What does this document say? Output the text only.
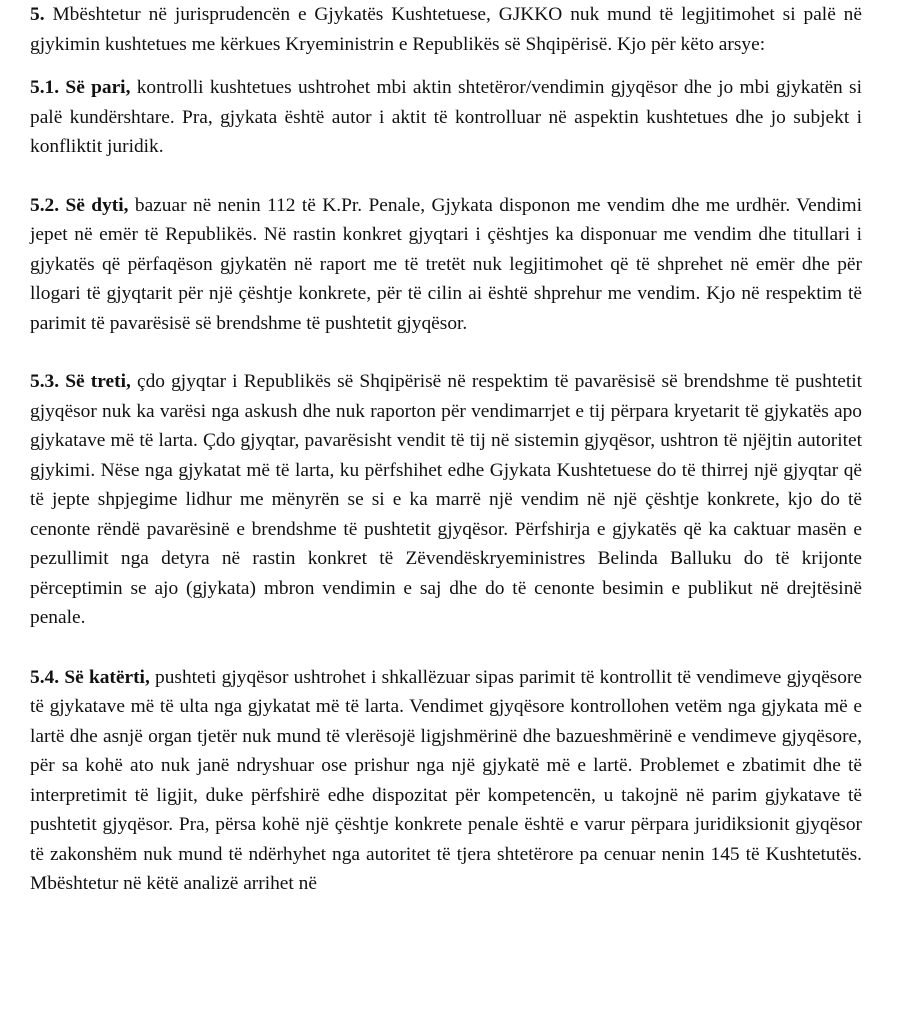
5. Mbështetur në jurisprudencën e Gjykatës Kushtetuese, GJKKO nuk mund të legjitimohet si palë në gjykimin kushtetues me kërkues Kryeministrin e Republikës së Shqipërisë. Kjo për këto arsye:

5.1. Së pari, kontrolli kushtetues ushtrohet mbi aktin shtetëror/vendimin gjyqësor dhe jo mbi gjykatën si palë kundërshtare. Pra, gjykata është autor i aktit të kontrolluar në aspektin kushtetues dhe jo subjekt i konfliktit juridik.

5.2. Së dyti, bazuar në nenin 112 të K.Pr. Penale, Gjykata disponon me vendim dhe me urdhër. Vendimi jepet në emër të Republikës. Në rastin konkret gjyqtari i çështjes ka disponuar me vendim dhe titullari i gjykatës që përfaqëson gjykatën në raport me të tretët nuk legjitimohet që të shprehet në emër dhe për llogari të gjyqtarit për një çështje konkrete, për të cilin ai është shprehur me vendim. Kjo në respektim të parimit të pavarësisë së brendshme të pushtetit gjyqësor.

5.3. Së treti, çdo gjyqtar i Republikës së Shqipërisë në respektim të pavarësisë së brendshme të pushtetit gjyqësor nuk ka varësi nga askush dhe nuk raporton për vendimarrjet e tij përpara kryetarit të gjykatës apo gjykatave më të larta. Çdo gjyqtar, pavarësisht vendit të tij në sistemin gjyqësor, ushtron të njëjtin autoritet gjykimi. Nëse nga gjykatat më të larta, ku përfshihet edhe Gjykata Kushtetuese do të thirrej një gjyqtar që të jepte shpjegime lidhur me mënyrën se si e ka marrë një vendim në një çështje konkrete, kjo do të cenonte rëndë pavarësinë e brendshme të pushtetit gjyqësor. Përfshirja e gjykatës që ka caktuar masën e pezullimit nga detyra në rastin konkret të Zëvendëskryeministres Belinda Balluku do të krijonte përceptimin se ajo (gjykata) mbron vendimin e saj dhe do të cenonte besimin e publikut në drejtësinë penale.

5.4. Së katërti, pushteti gjyqësor ushtrohet i shkallëzuar sipas parimit të kontrollit të vendimeve gjyqësore të gjykatave më të ulta nga gjykatat më të larta. Vendimet gjyqësore kontrollohen vetëm nga gjykata më e lartë dhe asnjë organ tjetër nuk mund të vlerësojë ligjshmërinë dhe bazueshmërinë e vendimeve gjyqësore, për sa kohë ato nuk janë ndryshuar ose prishur nga një gjykatë më e lartë. Problemet e zbatimit dhe të interpretimit të ligjit, duke përfshirë edhe dispozitat për kompetencën, u takojnë në parim gjykatave të pushtetit gjyqësor. Pra, përsa kohë një çështje konkrete penale është e varur përpara juridiksionit gjyqësor të zakonshëm nuk mund të ndërhyhet nga autoritet të tjera shtetërore pa cenuar nenin 145 të Kushtetutës. Mbështetur në këtë analizë arrihet në
